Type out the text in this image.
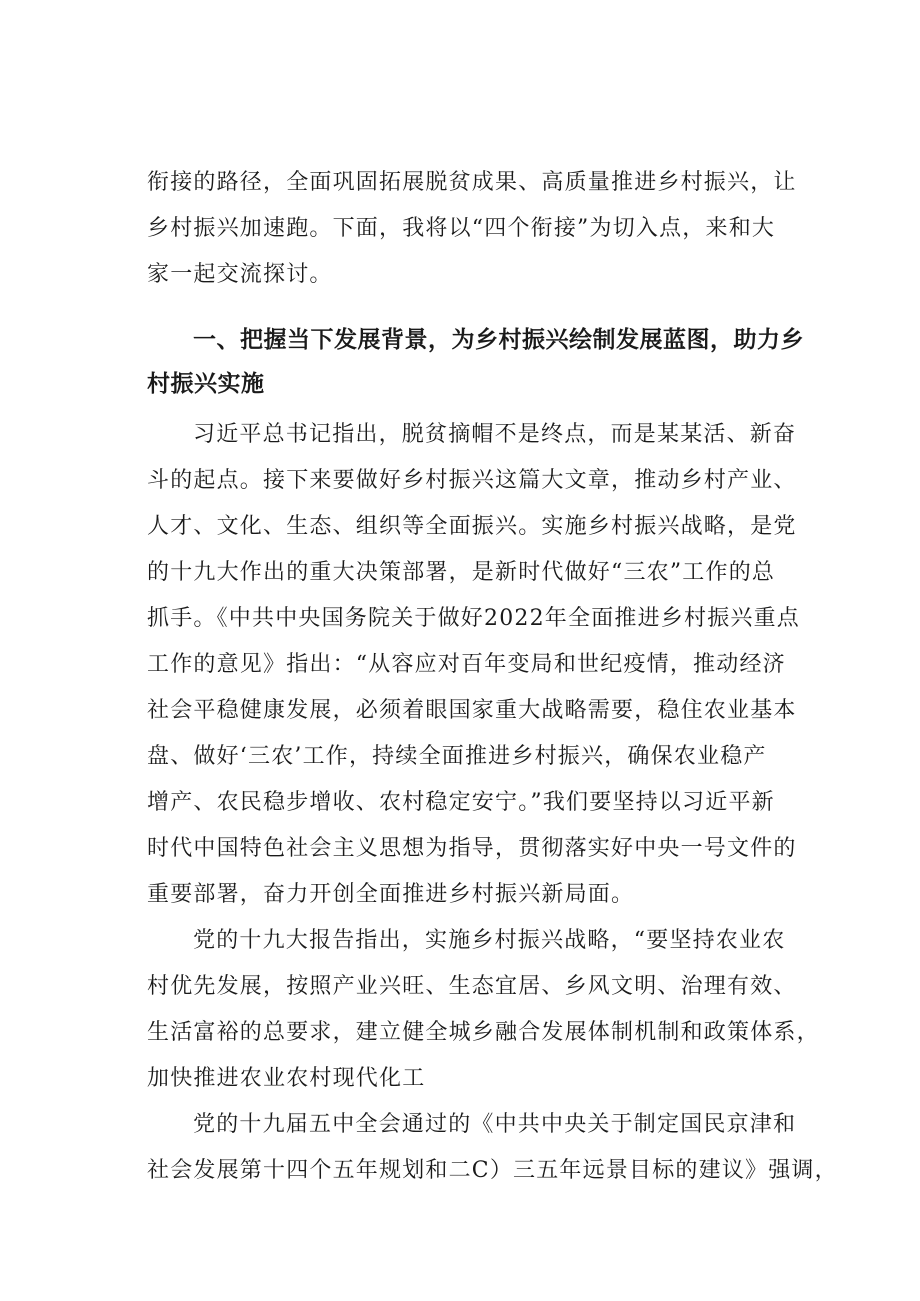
衔接的路径，全面巩固拓展脱贫成果、高质量推进乡村振兴，让
乡村振兴加速跑。下面，我将以“四个衔接”为切入点，来和大
家一起交流探讨。

一、把握当下发展背景，为乡村振兴绘制发展蓝图，助力乡
村振兴实施

习近平总书记指出，脱贫摘帽不是终点，而是某某活、新奋
斗的起点。接下来要做好乡村振兴这篇大文章，推动乡村产业、
人才、文化、生态、组织等全面振兴。实施乡村振兴战略，是党
的十九大作出的重大决策部署，是新时代做好“三农”工作的总
抓手。《中共中央国务院关于做好2022年全面推进乡村振兴重点
工作的意见》指出：“从容应对百年变局和世纪疫情，推动经济
社会平稳健康发展，必须着眼国家重大战略需要，稳住农业基本
盘、做好‘三农’工作，持续全面推进乡村振兴，确保农业稳产
增产、农民稳步增收、农村稳定安宁。”我们要坚持以习近平新
时代中国特色社会主义思想为指导，贯彻落实好中央一号文件的
重要部署，奋力开创全面推进乡村振兴新局面。

党的十九大报告指出，实施乡村振兴战略，“要坚持农业农
村优先发展，按照产业兴旺、生态宜居、乡风文明、治理有效、
生活富裕的总要求，建立健全城乡融合发展体制机制和政策体系，
加快推进农业农村现代化工

党的十九届五中全会通过的《中共中央关于制定国民京津和
社会发展第十四个五年规划和二C）三五年远景目标的建议》强调，
